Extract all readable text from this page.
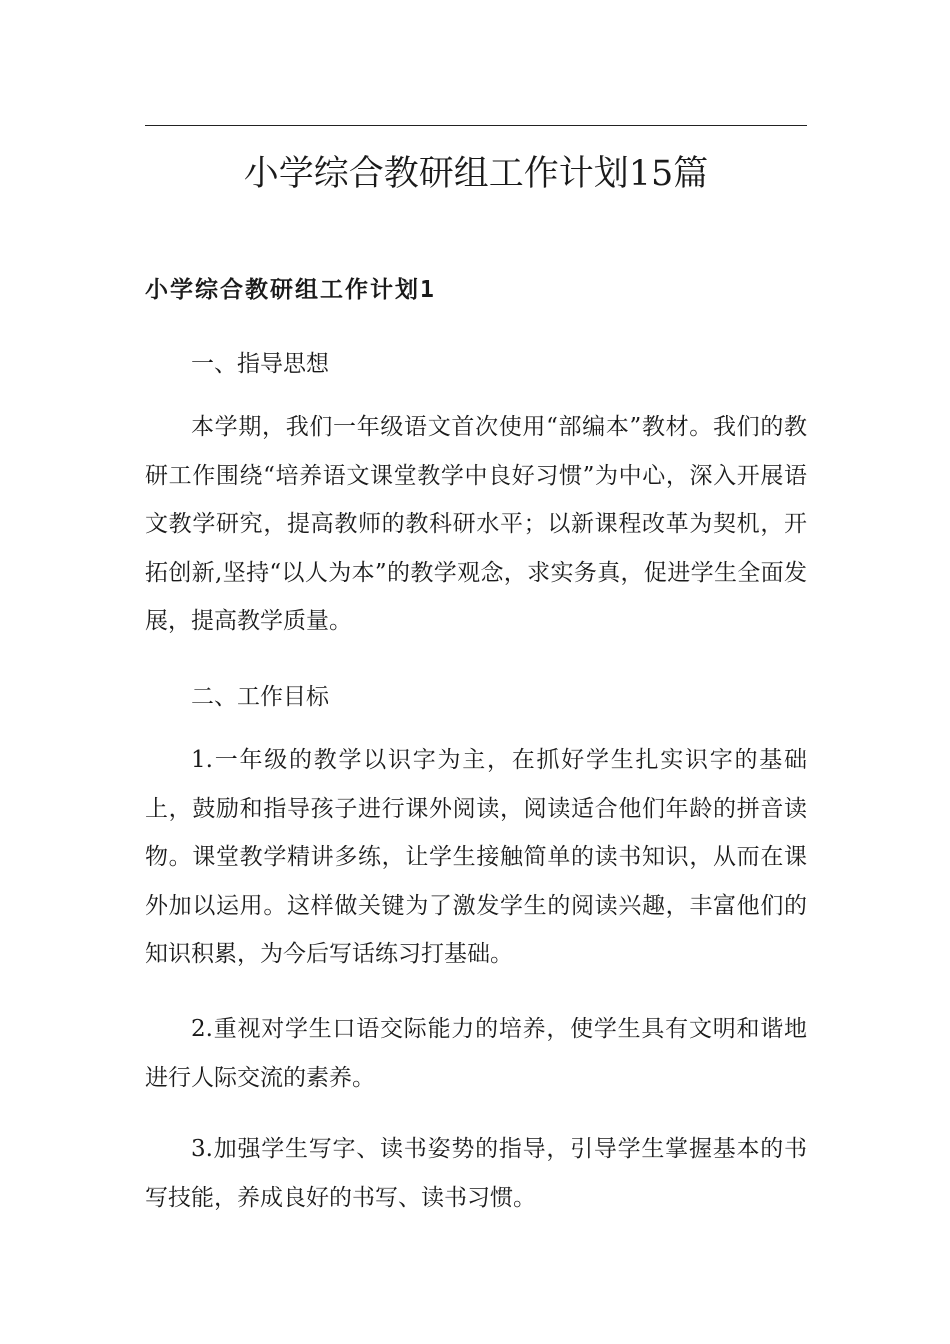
小学综合教研组工作计划15篇
小学综合教研组工作计划1

一、指导思想

本学期，我们一年级语文首次使用“部编本”教材。我们的教研工作围绕“培养语文课堂教学中良好习惯”为中心，深入开展语文教学研究，提高教师的教科研水平；以新课程改革为契机，开拓创新,坚持“以人为本”的教学观念，求实务真，促进学生全面发展，提高教学质量。

二、工作目标

1.一年级的教学以识字为主，在抓好学生扎实识字的基础上，鼓励和指导孩子进行课外阅读，阅读适合他们年龄的拼音读物。课堂教学精讲多练，让学生接触简单的读书知识，从而在课外加以运用。这样做关键为了激发学生的阅读兴趣，丰富他们的知识积累，为今后写话练习打基础。

2.重视对学生口语交际能力的培养，使学生具有文明和谐地进行人际交流的素养。

3.加强学生写字、读书姿势的指导，引导学生掌握基本的书写技能，养成良好的书写、读书习惯。
